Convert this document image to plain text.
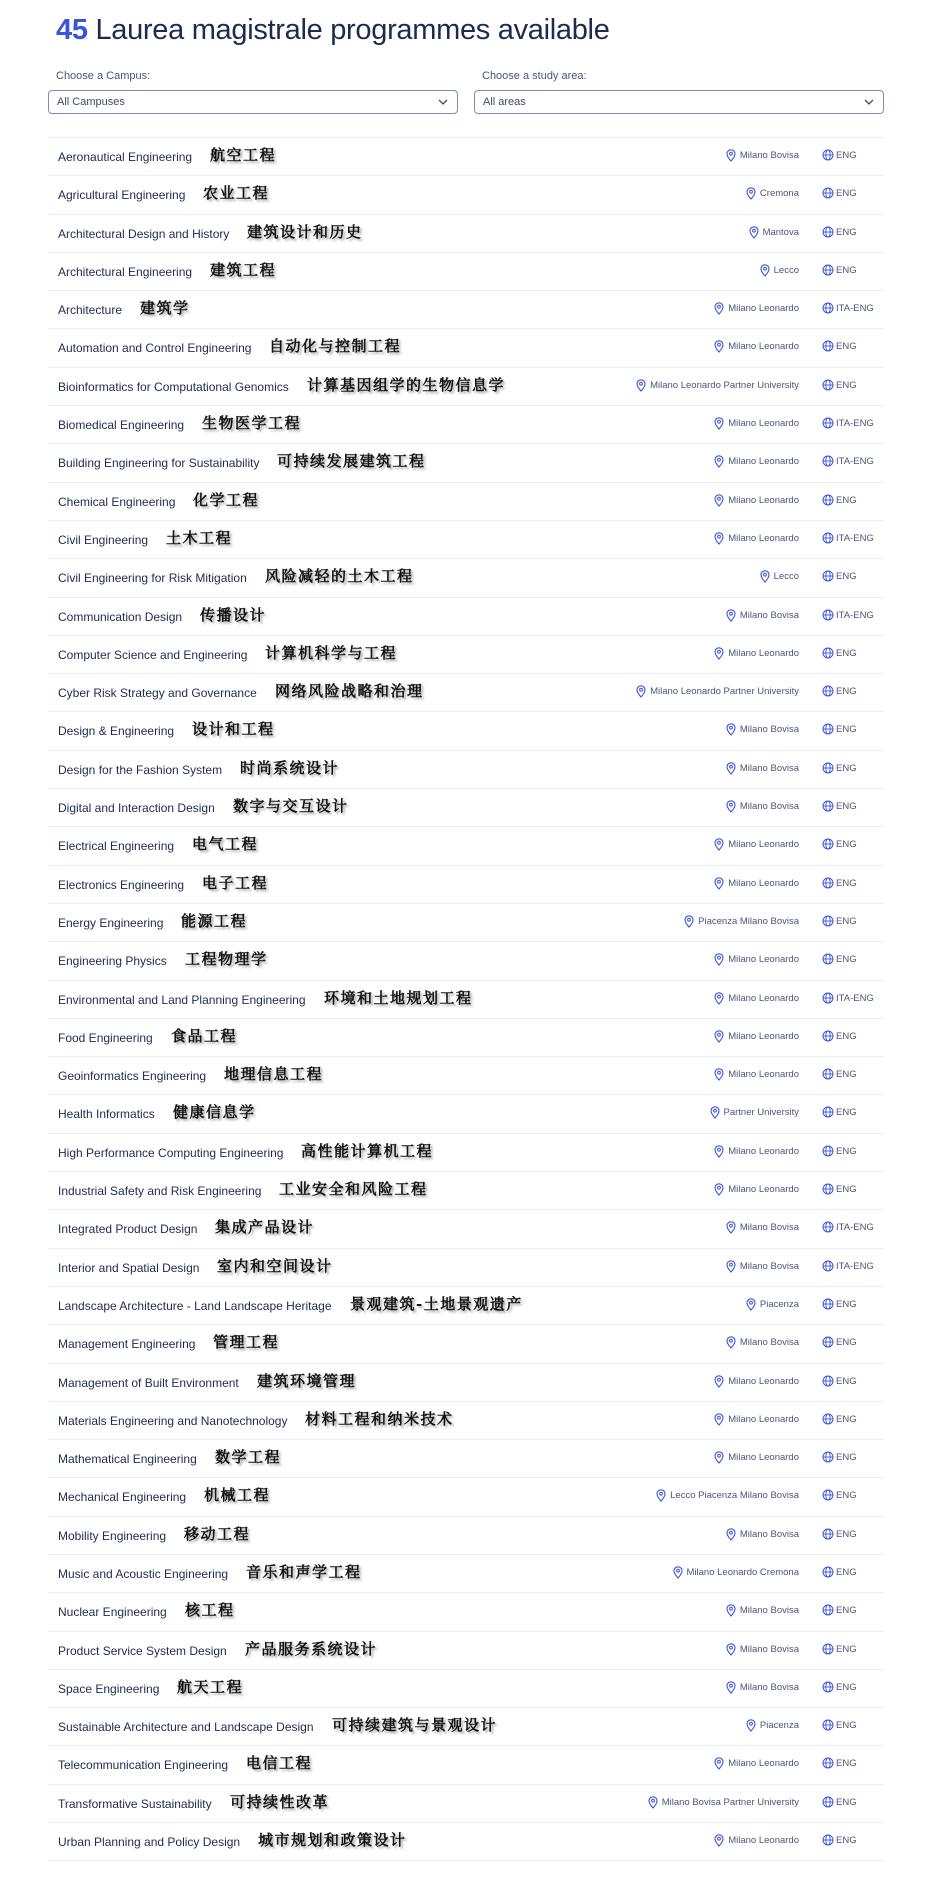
45 Laurea magistrale programmes available
Choose a Campus:
All Campuses
Choose a study area:
All areas
Aeronautical Engineering 航空工程	Milano Bovisa	ENG
Agricultural Engineering 农业工程	Cremona	ENG
Architectural Design and History 建筑设计和历史	Mantova	ENG
Architectural Engineering 建筑工程	Lecco	ENG
Architecture 建筑学	Milano Leonardo	ITA-ENG
Automation and Control Engineering 自动化与控制工程	Milano Leonardo	ENG
Bioinformatics for Computational Genomics 计算基因组学的生物信息学	Milano Leonardo Partner University	ENG
Biomedical Engineering 生物医学工程	Milano Leonardo	ITA-ENG
Building Engineering for Sustainability 可持续发展建筑工程	Milano Leonardo	ITA-ENG
Chemical Engineering 化学工程	Milano Leonardo	ENG
Civil Engineering 土木工程	Milano Leonardo	ITA-ENG
Civil Engineering for Risk Mitigation 风险减轻的土木工程	Lecco	ENG
Communication Design 传播设计	Milano Bovisa	ITA-ENG
Computer Science and Engineering 计算机科学与工程	Milano Leonardo	ENG
Cyber Risk Strategy and Governance 网络风险战略和治理	Milano Leonardo Partner University	ENG
Design & Engineering 设计和工程	Milano Bovisa	ENG
Design for the Fashion System 时尚系统设计	Milano Bovisa	ENG
Digital and Interaction Design 数字与交互设计	Milano Bovisa	ENG
Electrical Engineering 电气工程	Milano Leonardo	ENG
Electronics Engineering 电子工程	Milano Leonardo	ENG
Energy Engineering 能源工程	Piacenza Milano Bovisa	ENG
Engineering Physics 工程物理学	Milano Leonardo	ENG
Environmental and Land Planning Engineering 环境和土地规划工程	Milano Leonardo	ITA-ENG
Food Engineering 食品工程	Milano Leonardo	ENG
Geoinformatics Engineering 地理信息工程	Milano Leonardo	ENG
Health Informatics 健康信息学	Partner University	ENG
High Performance Computing Engineering 高性能计算机工程	Milano Leonardo	ENG
Industrial Safety and Risk Engineering 工业安全和风险工程	Milano Leonardo	ENG
Integrated Product Design 集成产品设计	Milano Bovisa	ITA-ENG
Interior and Spatial Design 室内和空间设计	Milano Bovisa	ITA-ENG
Landscape Architecture - Land Landscape Heritage 景观建筑-土地景观遗产	Piacenza	ENG
Management Engineering 管理工程	Milano Bovisa	ENG
Management of Built Environment 建筑环境管理	Milano Leonardo	ENG
Materials Engineering and Nanotechnology 材料工程和纳米技术	Milano Leonardo	ENG
Mathematical Engineering 数学工程	Milano Leonardo	ENG
Mechanical Engineering 机械工程	Lecco Piacenza Milano Bovisa	ENG
Mobility Engineering 移动工程	Milano Bovisa	ENG
Music and Acoustic Engineering 音乐和声学工程	Milano Leonardo Cremona	ENG
Nuclear Engineering 核工程	Milano Bovisa	ENG
Product Service System Design 产品服务系统设计	Milano Bovisa	ENG
Space Engineering 航天工程	Milano Bovisa	ENG
Sustainable Architecture and Landscape Design 可持续建筑与景观设计	Piacenza	ENG
Telecommunication Engineering 电信工程	Milano Leonardo	ENG
Transformative Sustainability 可持续性改革	Milano Bovisa Partner University	ENG
Urban Planning and Policy Design 城市规划和政策设计	Milano Leonardo	ENG
